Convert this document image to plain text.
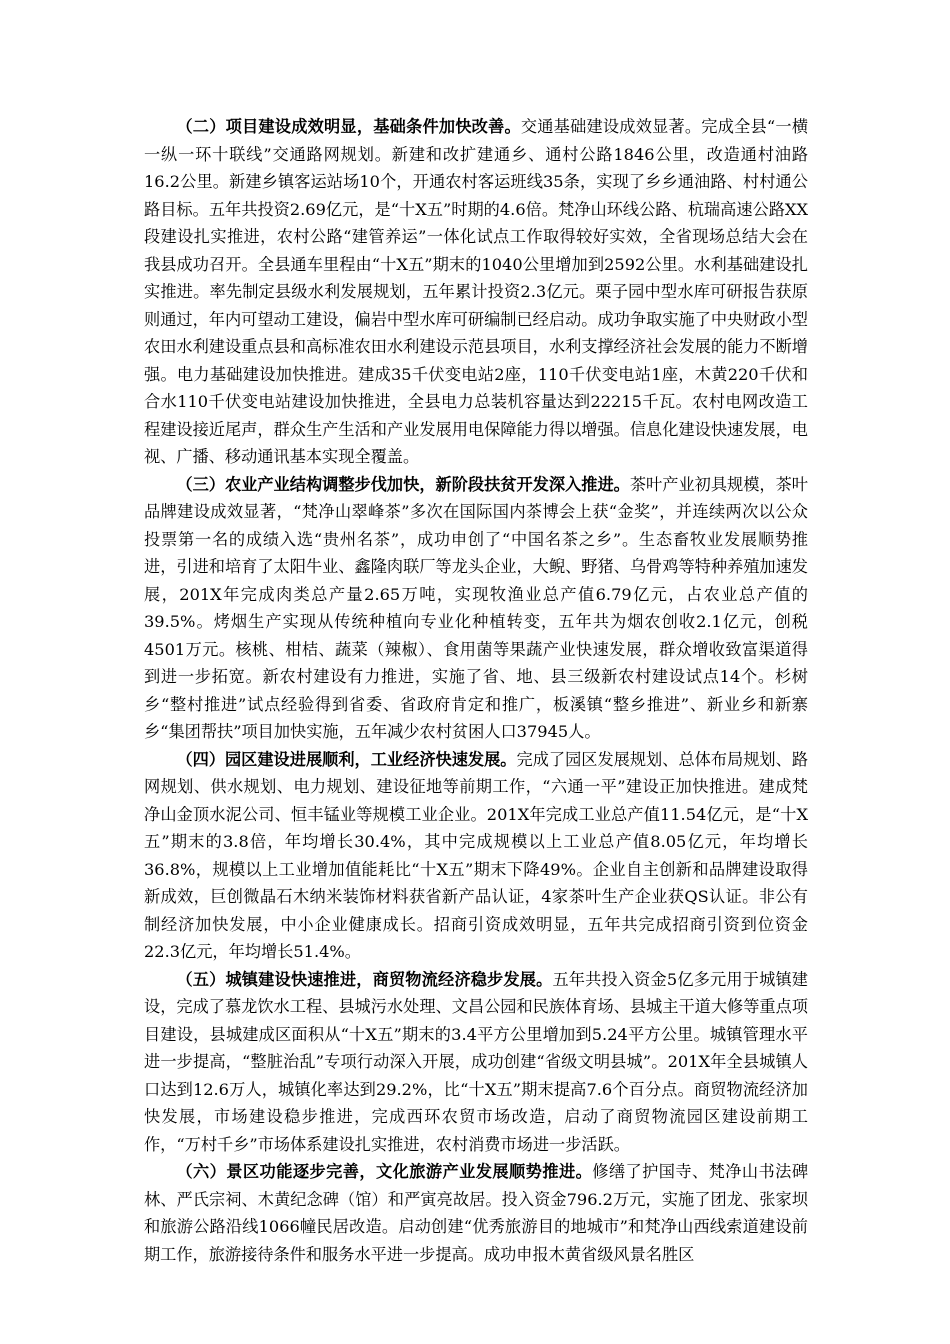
（二）项目建设成效明显，基础条件加快改善。交通基础建设成效显著。完成全县“一横一纵一环十联线”交通路网规划。新建和改扩建通乡、通村公路1846公里，改造通村油路16.2公里。新建乡镇客运站场10个，开通农村客运班线35条，实现了乡乡通油路、村村通公路目标。五年共投资2.69亿元，是“十X五”时期的4.6倍。梵净山环线公路、杭瑞高速公路XX段建设扎实推进，农村公路“建管养运”一体化试点工作取得较好实效，全省现场总结大会在我县成功召开。全县通车里程由“十X五”期末的1040公里增加到2592公里。水利基础建设扎实推进。率先制定县级水利发展规划，五年累计投资2.3亿元。栗子园中型水库可研报告获原则通过，年内可望动工建设，偏岩中型水库可研编制已经启动。成功争取实施了中央财政小型农田水利建设重点县和高标准农田水利建设示范县项目，水利支撑经济社会发展的能力不断增强。电力基础建设加快推进。建成35千伏变电站2座，110千伏变电站1座，木黄220千伏和合水110千伏变电站建设加快推进，全县电力总装机容量达到22215千瓦。农村电网改造工程建设接近尾声，群众生产生活和产业发展用电保障能力得以增强。信息化建设快速发展，电视、广播、移动通讯基本实现全覆盖。

（三）农业产业结构调整步伐加快，新阶段扶贫开发深入推进。茶叶产业初具规模，茶叶品牌建设成效显著，“梵净山翠峰茶”多次在国际国内茶博会上获“金奖”，并连续两次以公众投票第一名的成绩入选“贵州名茶”，成功申创了“中国名茶之乡”。生态畜牧业发展顺势推进，引进和培育了太阳牛业、鑫隆肉联厂等龙头企业，大鲵、野猪、乌骨鸡等特种养殖加速发展，201X年完成肉类总产量2.65万吨，实现牧渔业总产值6.79亿元，占农业总产值的39.5%。烤烟生产实现从传统种植向专业化种植转变，五年共为烟农创收2.1亿元，创税 4501万元。核桃、柑桔、蔬菜（辣椒）、食用菌等果蔬产业快速发展，群众增收致富渠道得到进一步拓宽。新农村建设有力推进，实施了省、地、县三级新农村建设试点14个。杉树乡“整村推进”试点经验得到省委、省政府肯定和推广，板溪镇“整乡推进”、新业乡和新寨乡“集团帮扶”项目加快实施，五年减少农村贫困人口37945人。

（四）园区建设进展顺利，工业经济快速发展。完成了园区发展规划、总体布局规划、路网规划、供水规划、电力规划、建设征地等前期工作，“六通一平”建设正加快推进。建成梵净山金顶水泥公司、恒丰锰业等规模工业企业。201X年完成工业总产值11.54亿元，是“十X五”期末的3.8倍，年均增长30.4%，其中完成规模以上工业总产值8.05亿元，年均增长36.8%，规模以上工业增加值能耗比“十X五”期末下降49%。企业自主创新和品牌建设取得新成效，巨创微晶石木纳米装饰材料获省新产品认证，4家茶叶生产企业获QS认证。非公有制经济加快发展，中小企业健康成长。招商引资成效明显，五年共完成招商引资到位资金22.3亿元，年均增长51.4%。

（五）城镇建设快速推进，商贸物流经济稳步发展。五年共投入资金5亿多元用于城镇建设，完成了慕龙饮水工程、县城污水处理、文昌公园和民族体育场、县城主干道大修等重点项目建设，县城建成区面积从“十X五”期末的3.4平方公里增加到5.24平方公里。城镇管理水平进一步提高，“整脏治乱”专项行动深入开展，成功创建“省级文明县城”。201X年全县城镇人口达到12.6万人，城镇化率达到29.2%，比“十X五”期末提高7.6个百分点。商贸物流经济加快发展，市场建设稳步推进，完成西环农贸市场改造，启动了商贸物流园区建设前期工作，“万村千乡”市场体系建设扎实推进，农村消费市场进一步活跃。

（六）景区功能逐步完善，文化旅游产业发展顺势推进。修缮了护国寺、梵净山书法碑林、严氏宗祠、木黄纪念碑（馆）和严寅亮故居。投入资金796.2万元，实施了团龙、张家坝和旅游公路沿线1066幢民居改造。启动创建“优秀旅游目的地城市”和梵净山西线索道建设前期工作，旅游接待条件和服务水平进一步提高。成功申报木黄省级风景名胜区
